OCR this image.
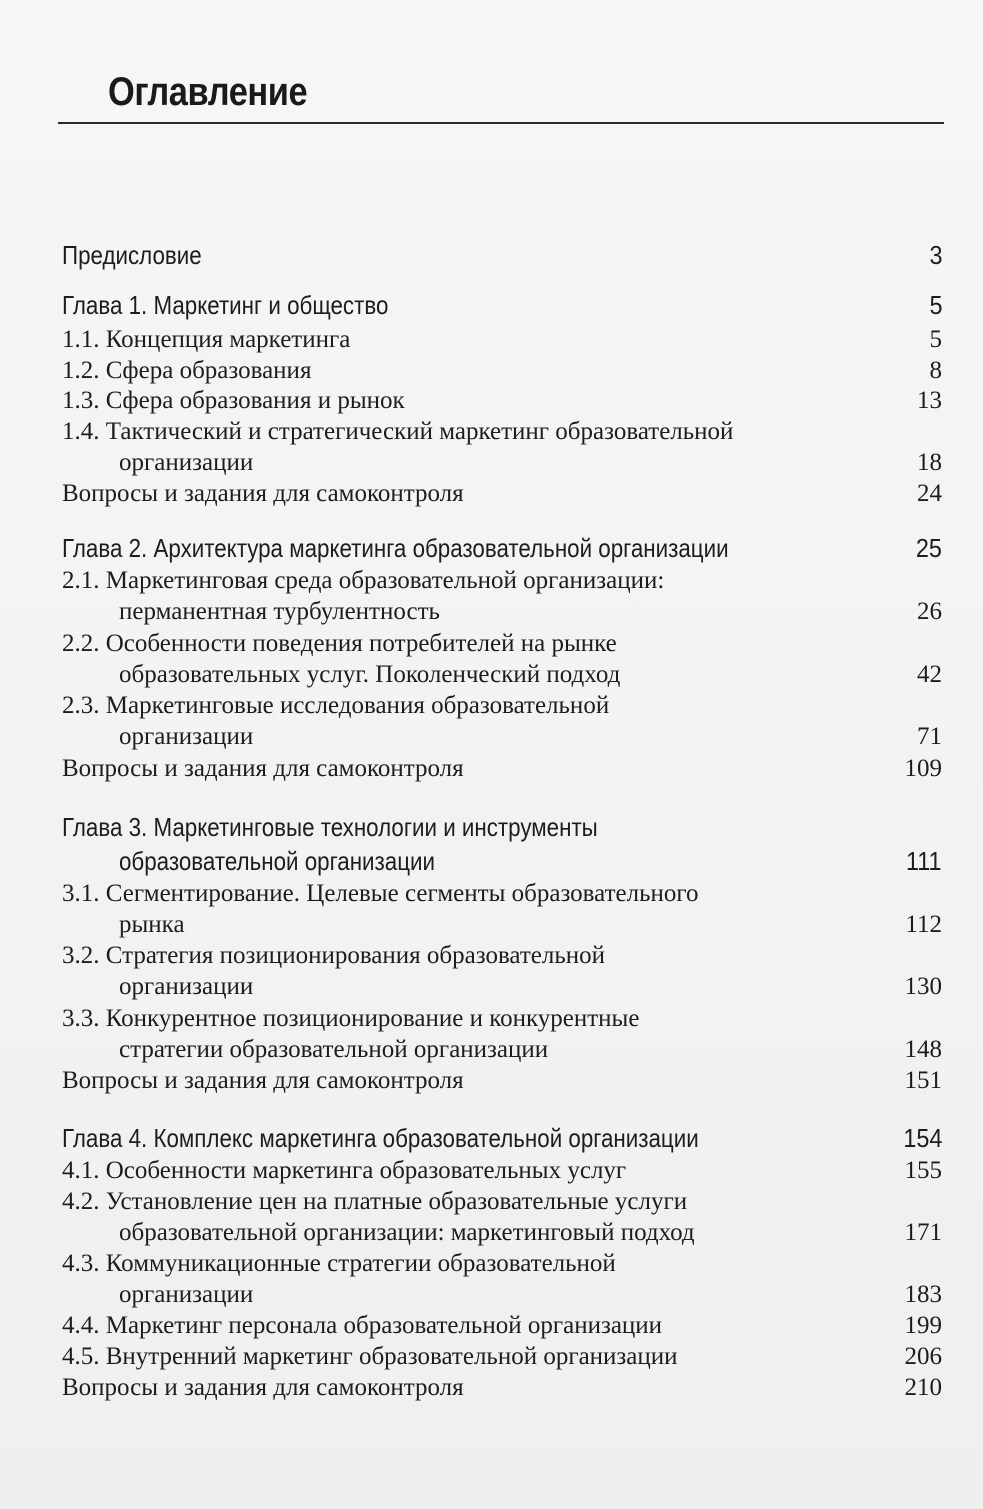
Оглавление
Предисловие	3
Глава 1. Маркетинг и общество	5
1.1. Концепция маркетинга	5
1.2. Сфера образования	8
1.3. Сфера образования и рынок	13
1.4. Тактический и стратегический маркетинг образовательной
организации	18
Вопросы и задания для самоконтроля	24
Глава 2. Архитектура маркетинга образовательной организации	25
2.1. Маркетинговая среда образовательной организации:
перманентная турбулентность	26
2.2. Особенности поведения потребителей на рынке
образовательных услуг. Поколенческий подход	42
2.3. Маркетинговые исследования образовательной
организации	71
Вопросы и задания для самоконтроля	109
Глава 3. Маркетинговые технологии и инструменты
образовательной организации	111
3.1. Сегментирование. Целевые сегменты образовательного
рынка	112
3.2. Стратегия позиционирования образовательной
организации	130
3.3. Конкурентное позиционирование и конкурентные
стратегии образовательной организации	148
Вопросы и задания для самоконтроля	151
Глава 4. Комплекс маркетинга образовательной организации	154
4.1. Особенности маркетинга образовательных услуг	155
4.2. Установление цен на платные образовательные услуги
образовательной организации: маркетинговый подход	171
4.3. Коммуникационные стратегии образовательной
организации	183
4.4. Маркетинг персонала образовательной организации	199
4.5. Внутренний маркетинг образовательной организации	206
Вопросы и задания для самоконтроля	210
